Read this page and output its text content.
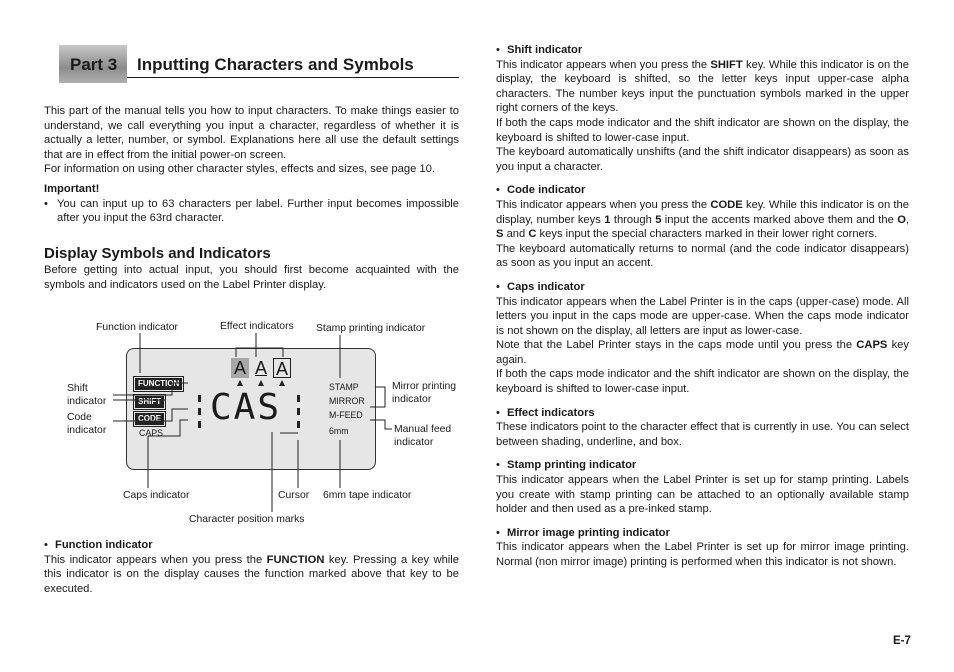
Part 3 Inputting Characters and Symbols

This part of the manual tells you how to input characters. To make things easier to understand, we call everything you input a character, regardless of whether it is actually a letter, number, or symbol. Explanations here all use the default settings that are in effect from the initial power-on screen.

For information on using other character styles, effects and sizes, see page 10.

Important!

• You can input up to 63 characters per label. Further input becomes impossible after you input the 63rd character.

Display Symbols and Indicators

Before getting into actual input, you should first become acquainted with the symbols and indicators used on the Label Printer display.

Function indicator	Effect indicators Stamp printing indicator
Shift
indicator
Code
indicator
Mirror printing
indicator
Manual feed
indicator
Caps indicator	Cursor 6mm tape indicator
Character position marks
FUNCTION
SHIFT
CODE
CAPS
STAMP
MIRROR
M-FEED
6mm
A A A
CAS

• Function indicator

This indicator appears when you press the FUNCTION key. Pressing a key while this indicator is on the display causes the function marked above that key to be executed.

• Shift indicator

This indicator appears when you press the SHIFT key. While this indicator is on the display, the keyboard is shifted, so the letter keys input upper-case alpha characters. The number keys input the punctuation symbols marked in the upper right corners of the keys.

If both the caps mode indicator and the shift indicator are shown on the display, the keyboard is shifted to lower-case input.

The keyboard automatically unshifts (and the shift indicator disappears) as soon as you input a character.

• Code indicator

This indicator appears when you press the CODE key. While this indicator is on the display, number keys 1 through 5 input the accents marked above them and the O, S and C keys input the special characters marked in their lower right corners.

The keyboard automatically returns to normal (and the code indicator disappears) as soon as you input an accent.

• Caps indicator

This indicator appears when the Label Printer is in the caps (upper-case) mode. All letters you input in the caps mode are upper-case. When the caps mode indicator is not shown on the display, all letters are input as lower-case.

Note that the Label Printer stays in the caps mode until you press the CAPS key again.

If both the caps mode indicator and the shift indicator are shown on the display, the keyboard is shifted to lower-case input.

• Effect indicators

These indicators point to the character effect that is currently in use. You can select between shading, underline, and box.

• Stamp printing indicator

This indicator appears when the Label Printer is set up for stamp printing. Labels you create with stamp printing can be attached to an optionally available stamp holder and then used as a pre-inked stamp.

• Mirror image printing indicator

This indicator appears when the Label Printer is set up for mirror image printing. Normal (non mirror image) printing is performed when this indicator is not shown.

E-7
